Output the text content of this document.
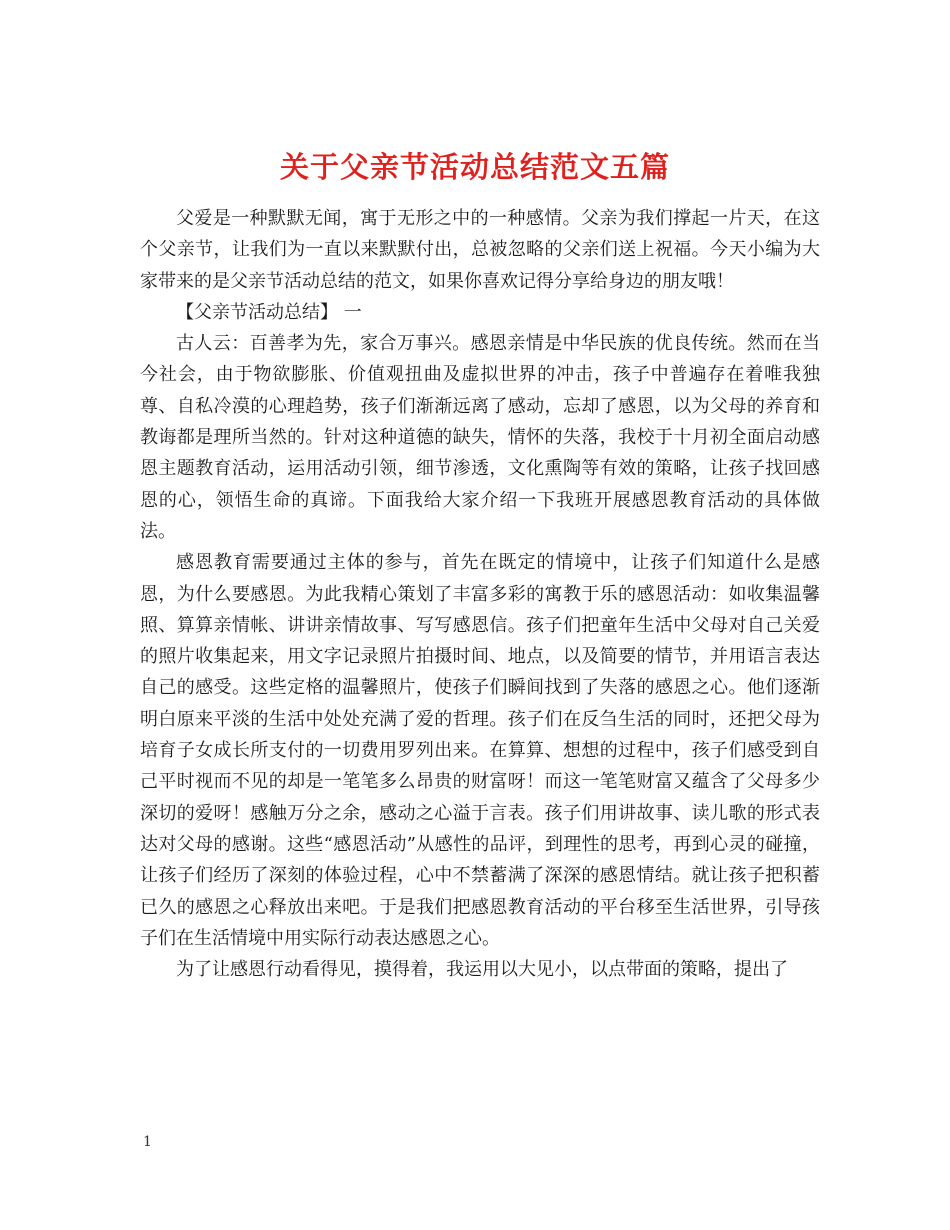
关于父亲节活动总结范文五篇

父爱是一种默默无闻，寓于无形之中的一种感情。父亲为我们撑起一片天，在这个父亲节，让我们为一直以来默默付出，总被忽略的父亲们送上祝福。今天小编为大家带来的是父亲节活动总结的范文，如果你喜欢记得分享给身边的朋友哦！

【父亲节活动总结】 一

古人云：百善孝为先，家合万事兴。感恩亲情是中华民族的优良传统。然而在当今社会，由于物欲膨胀、价值观扭曲及虚拟世界的冲击，孩子中普遍存在着唯我独尊、自私冷漠的心理趋势，孩子们渐渐远离了感动，忘却了感恩，以为父母的养育和教诲都是理所当然的。针对这种道德的缺失，情怀的失落，我校于十月初全面启动感恩主题教育活动，运用活动引领，细节渗透，文化熏陶等有效的策略，让孩子找回感恩的心，领悟生命的真谛。下面我给大家介绍一下我班开展感恩教育活动的具体做法。

感恩教育需要通过主体的参与，首先在既定的情境中，让孩子们知道什么是感恩，为什么要感恩。为此我精心策划了丰富多彩的寓教于乐的感恩活动：如收集温馨照、算算亲情帐、讲讲亲情故事、写写感恩信。孩子们把童年生活中父母对自己关爱的照片收集起来，用文字记录照片拍摄时间、地点，以及简要的情节，并用语言表达自己的感受。这些定格的温馨照片，使孩子们瞬间找到了失落的感恩之心。他们逐渐明白原来平淡的生活中处处充满了爱的哲理。孩子们在反刍生活的同时，还把父母为培育子女成长所支付的一切费用罗列出来。在算算、想想的过程中，孩子们感受到自己平时视而不见的却是一笔笔多么昂贵的财富呀！而这一笔笔财富又蕴含了父母多少深切的爱呀！感触万分之余，感动之心溢于言表。孩子们用讲故事、读儿歌的形式表达对父母的感谢。这些“感恩活动”从感性的品评，到理性的思考，再到心灵的碰撞，让孩子们经历了深刻的体验过程，心中不禁蓄满了深深的感恩情结。就让孩子把积蓄已久的感恩之心释放出来吧。于是我们把感恩教育活动的平台移至生活世界，引导孩子们在生活情境中用实际行动表达感恩之心。

为了让感恩行动看得见，摸得着，我运用以大见小，以点带面的策略，提出了

1
